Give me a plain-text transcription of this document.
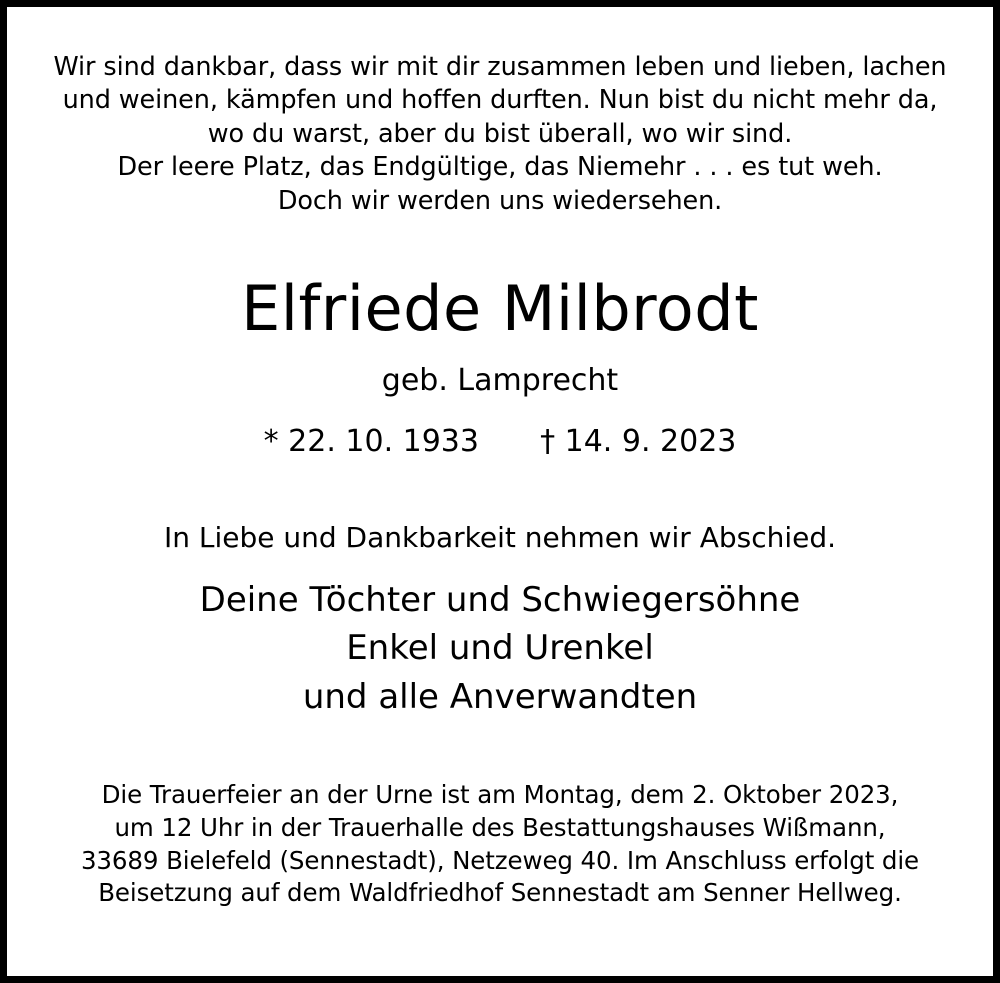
Wir sind dankbar, dass wir mit dir zusammen leben und lieben, lachen
und weinen, kämpfen und hoffen durften. Nun bist du nicht mehr da,
wo du warst, aber du bist überall, wo wir sind.
Der leere Platz, das Endgültige, das Niemehr . . . es tut weh.
Doch wir werden uns wiedersehen.
Elfriede Milbrodt
geb. Lamprecht
* 22. 10. 1933 † 14. 9. 2023
In Liebe und Dankbarkeit nehmen wir Abschied.
Deine Töchter und Schwiegersöhne
Enkel und Urenkel
und alle Anverwandten
Die Trauerfeier an der Urne ist am Montag, dem 2. Oktober 2023,
um 12 Uhr in der Trauerhalle des Bestattungshauses Wißmann,
33689 Bielefeld (Sennestadt), Netzeweg 40. Im Anschluss erfolgt die
Beisetzung auf dem Waldfriedhof Sennestadt am Senner Hellweg.
